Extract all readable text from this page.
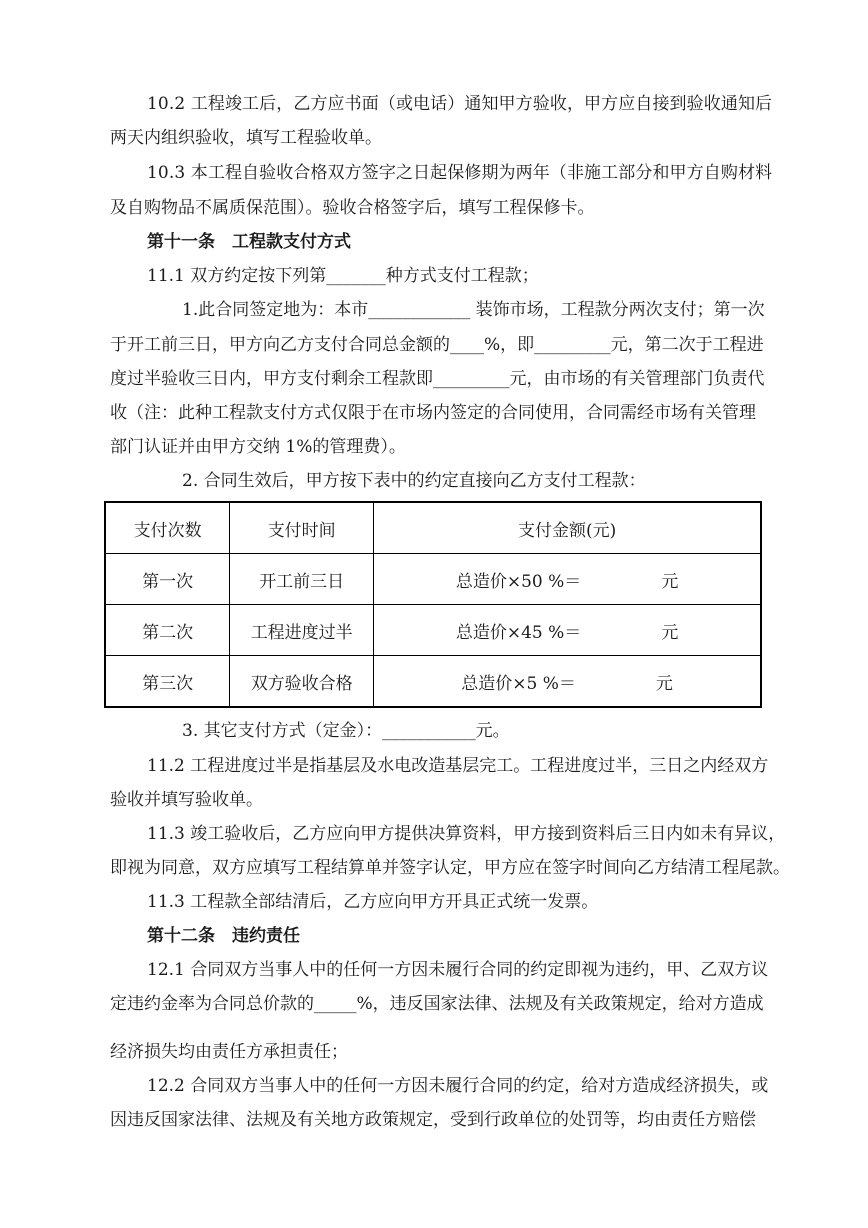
10.2 工程竣工后，乙方应书面（或电话）通知甲方验收，甲方应自接到验收通知后
两天内组织验收，填写工程验收单。
10.3 本工程自验收合格双方签字之日起保修期为两年（非施工部分和甲方自购材料
及自购物品不属质保范围）。验收合格签字后，填写工程保修卡。
第十一条　工程款支付方式
11.1 双方约定按下列第_______种方式支付工程款；
1.此合同签定地为：本市____________ 装饰市场，工程款分两次支付；第一次
于开工前三日，甲方向乙方支付合同总金额的____%，即_________元，第二次于工程进
度过半验收三日内，甲方支付剩余工程款即_________元，由市场的有关管理部门负责代
收（注：此种工程款支付方式仅限于在市场内签定的合同使用，合同需经市场有关管理
部门认证并由甲方交纳 1%的管理费）。
2. 合同生效后，甲方按下表中的约定直接向乙方支付工程款：
支付次数	支付时间	支付金额(元)
第一次	开工前三日	总造价×50 %＝ 元
第二次	工程进度过半	总造价×45 %＝ 元
第三次	双方验收合格	总造价×5 %＝ 元
3. 其它支付方式（定金）：___________元。
11.2 工程进度过半是指基层及水电改造基层完工。工程进度过半，三日之内经双方
验收并填写验收单。
11.3 竣工验收后，乙方应向甲方提供决算资料，甲方接到资料后三日内如未有异议，
即视为同意，双方应填写工程结算单并签字认定，甲方应在签字时间向乙方结清工程尾款。
11.3 工程款全部结清后，乙方应向甲方开具正式统一发票。
第十二条　违约责任
12.1 合同双方当事人中的任何一方因未履行合同的约定即视为违约，甲、乙双方议
定违约金率为合同总价款的_____%，违反国家法律、法规及有关政策规定，给对方造成
经济损失均由责任方承担责任；
12.2 合同双方当事人中的任何一方因未履行合同的约定，给对方造成经济损失，或
因违反国家法律、法规及有关地方政策规定，受到行政单位的处罚等，均由责任方赔偿
